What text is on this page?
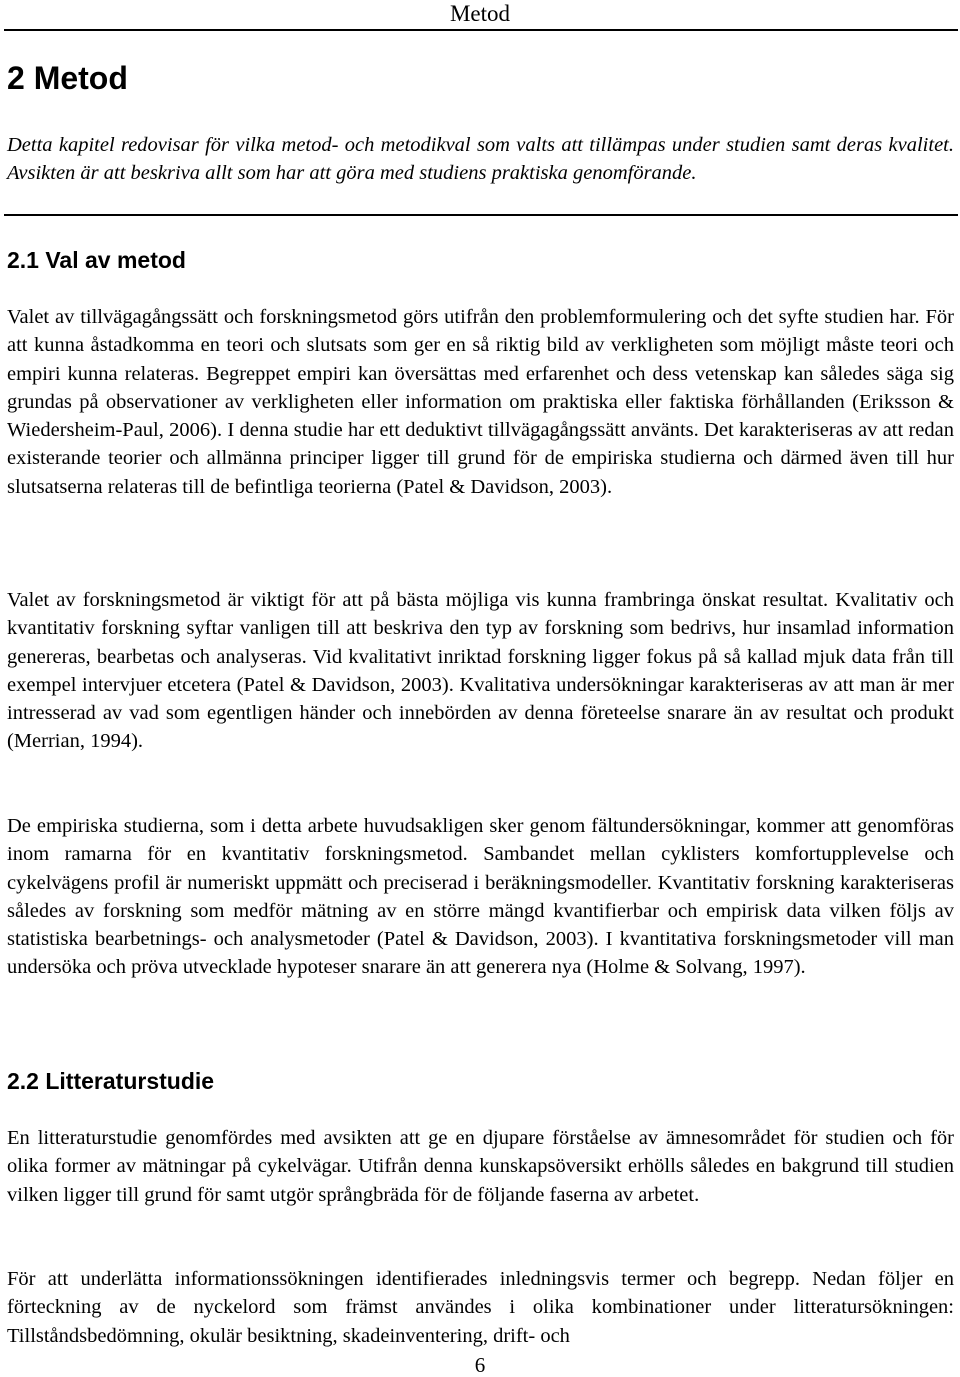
Metod
2 Metod

Detta kapitel redovisar för vilka metod- och metodikval som valts att tillämpas under studien samt deras kvalitet. Avsikten är att beskriva allt som har att göra med studiens praktiska genomförande.

2.1 Val av metod

Valet av tillvägagångssätt och forskningsmetod görs utifrån den problemformulering och det syfte studien har. För att kunna åstadkomma en teori och slutsats som ger en så riktig bild av verkligheten som möjligt måste teori och empiri kunna relateras. Begreppet empiri kan översättas med erfarenhet och dess vetenskap kan således säga sig grundas på observationer av verkligheten eller information om praktiska eller faktiska förhållanden (Eriksson & Wiedersheim-Paul, 2006). I denna studie har ett deduktivt tillvägagångssätt använts. Det karakteriseras av att redan existerande teorier och allmänna principer ligger till grund för de empiriska studierna och därmed även till hur slutsatserna relateras till de befintliga teorierna (Patel & Davidson, 2003).

Valet av forskningsmetod är viktigt för att på bästa möjliga vis kunna frambringa önskat resultat. Kvalitativ och kvantitativ forskning syftar vanligen till att beskriva den typ av forskning som bedrivs, hur insamlad information genereras, bearbetas och analyseras. Vid kvalitativt inriktad forskning ligger fokus på så kallad mjuk data från till exempel intervjuer etcetera (Patel & Davidson, 2003). Kvalitativa undersökningar karakteriseras av att man är mer intresserad av vad som egentligen händer och innebörden av denna företeelse snarare än av resultat och produkt (Merrian, 1994).

De empiriska studierna, som i detta arbete huvudsakligen sker genom fältundersökningar, kommer att genomföras inom ramarna för en kvantitativ forskningsmetod. Sambandet mellan cyklisters komfortupplevelse och cykelvägens profil är numeriskt uppmätt och preciserad i beräkningsmodeller. Kvantitativ forskning karakteriseras således av forskning som medför mätning av en större mängd kvantifierbar och empirisk data vilken följs av statistiska bearbetnings- och analysmetoder (Patel & Davidson, 2003). I kvantitativa forskningsmetoder vill man undersöka och pröva utvecklade hypoteser snarare än att generera nya (Holme & Solvang, 1997).

2.2 Litteraturstudie

En litteraturstudie genomfördes med avsikten att ge en djupare förståelse av ämnesområdet för studien och för olika former av mätningar på cykelvägar. Utifrån denna kunskapsöversikt erhölls således en bakgrund till studien vilken ligger till grund för samt utgör språngbräda för de följande faserna av arbetet.

För att underlätta informationssökningen identifierades inledningsvis termer och begrepp. Nedan följer en förteckning av de nyckelord som främst användes i olika kombinationer under litteratursökningen: Tillståndsbedömning, okulär besiktning, skadeinventering, drift- och

6
